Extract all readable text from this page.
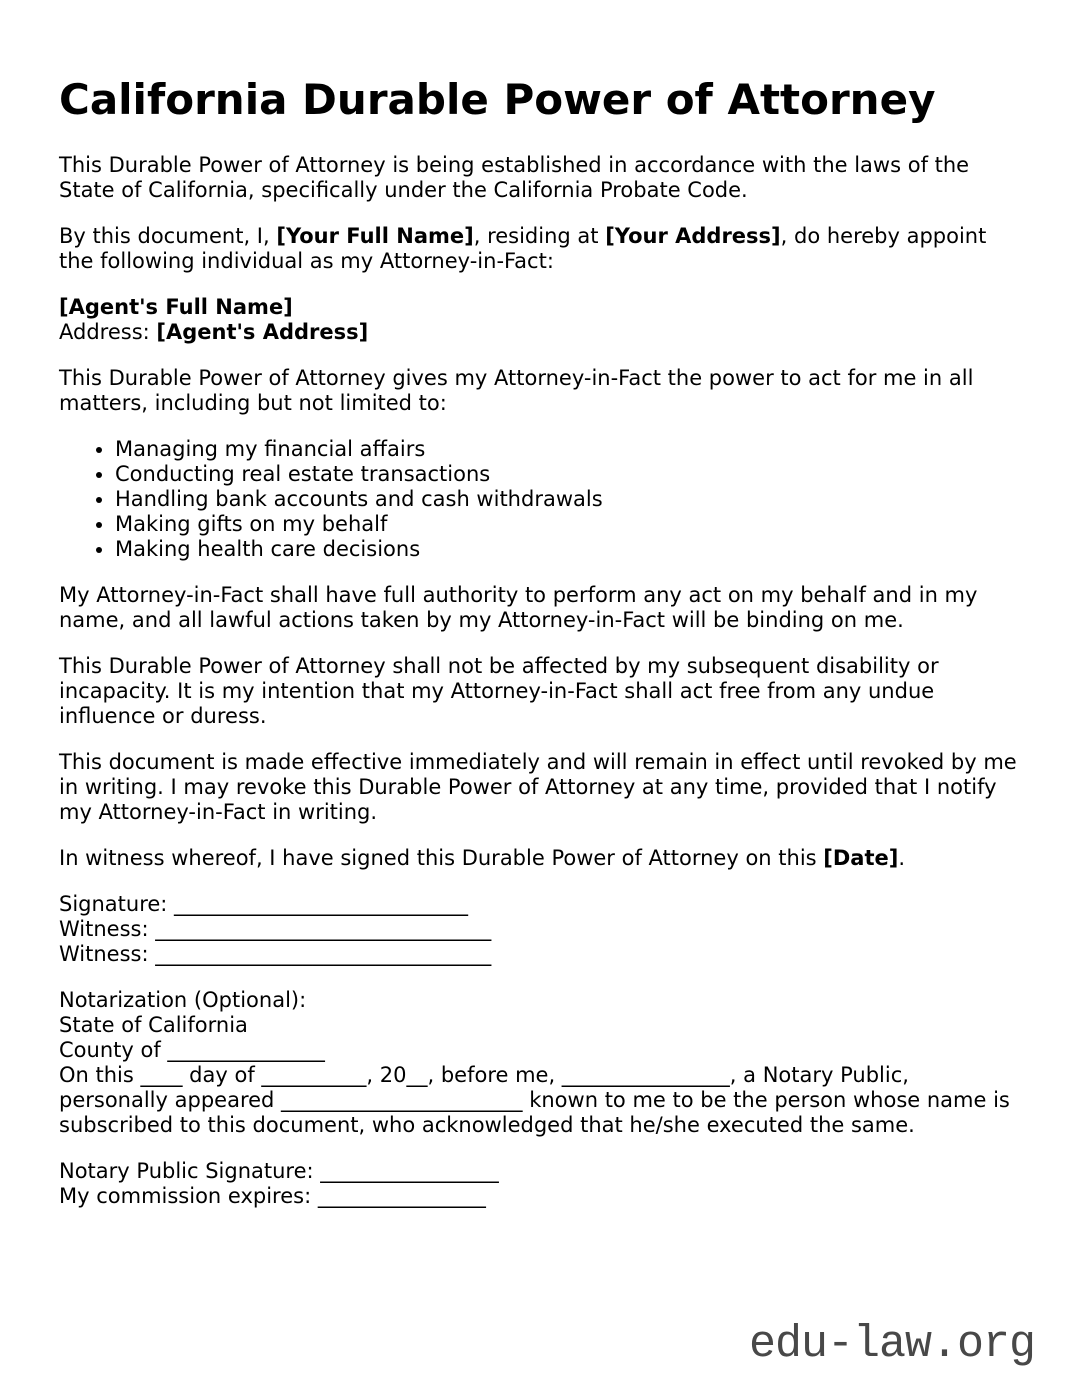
California Durable Power of Attorney

This Durable Power of Attorney is being established in accordance with the laws of the State of California, specifically under the California Probate Code.

By this document, I, [Your Full Name], residing at [Your Address], do hereby appoint the following individual as my Attorney-in-Fact:

[Agent's Full Name]
Address: [Agent's Address]

This Durable Power of Attorney gives my Attorney-in-Fact the power to act for me in all matters, including but not limited to:

• Managing my financial affairs
• Conducting real estate transactions
• Handling bank accounts and cash withdrawals
• Making gifts on my behalf
• Making health care decisions

My Attorney-in-Fact shall have full authority to perform any act on my behalf and in my name, and all lawful actions taken by my Attorney-in-Fact will be binding on me.

This Durable Power of Attorney shall not be affected by my subsequent disability or incapacity. It is my intention that my Attorney-in-Fact shall act free from any undue influence or duress.

This document is made effective immediately and will remain in effect until revoked by me in writing. I may revoke this Durable Power of Attorney at any time, provided that I notify my Attorney-in-Fact in writing.

In witness whereof, I have signed this Durable Power of Attorney on this [Date].

Signature: ____________________________
Witness: ________________________________
Witness: ________________________________

Notarization (Optional):
State of California
County of _______________
On this ____ day of __________, 20__, before me, ________________, a Notary Public,
personally appeared _______________________ known to me to be the person whose name is
subscribed to this document, who acknowledged that he/she executed the same.

Notary Public Signature: _________________
My commission expires: ________________

edu-law.org
